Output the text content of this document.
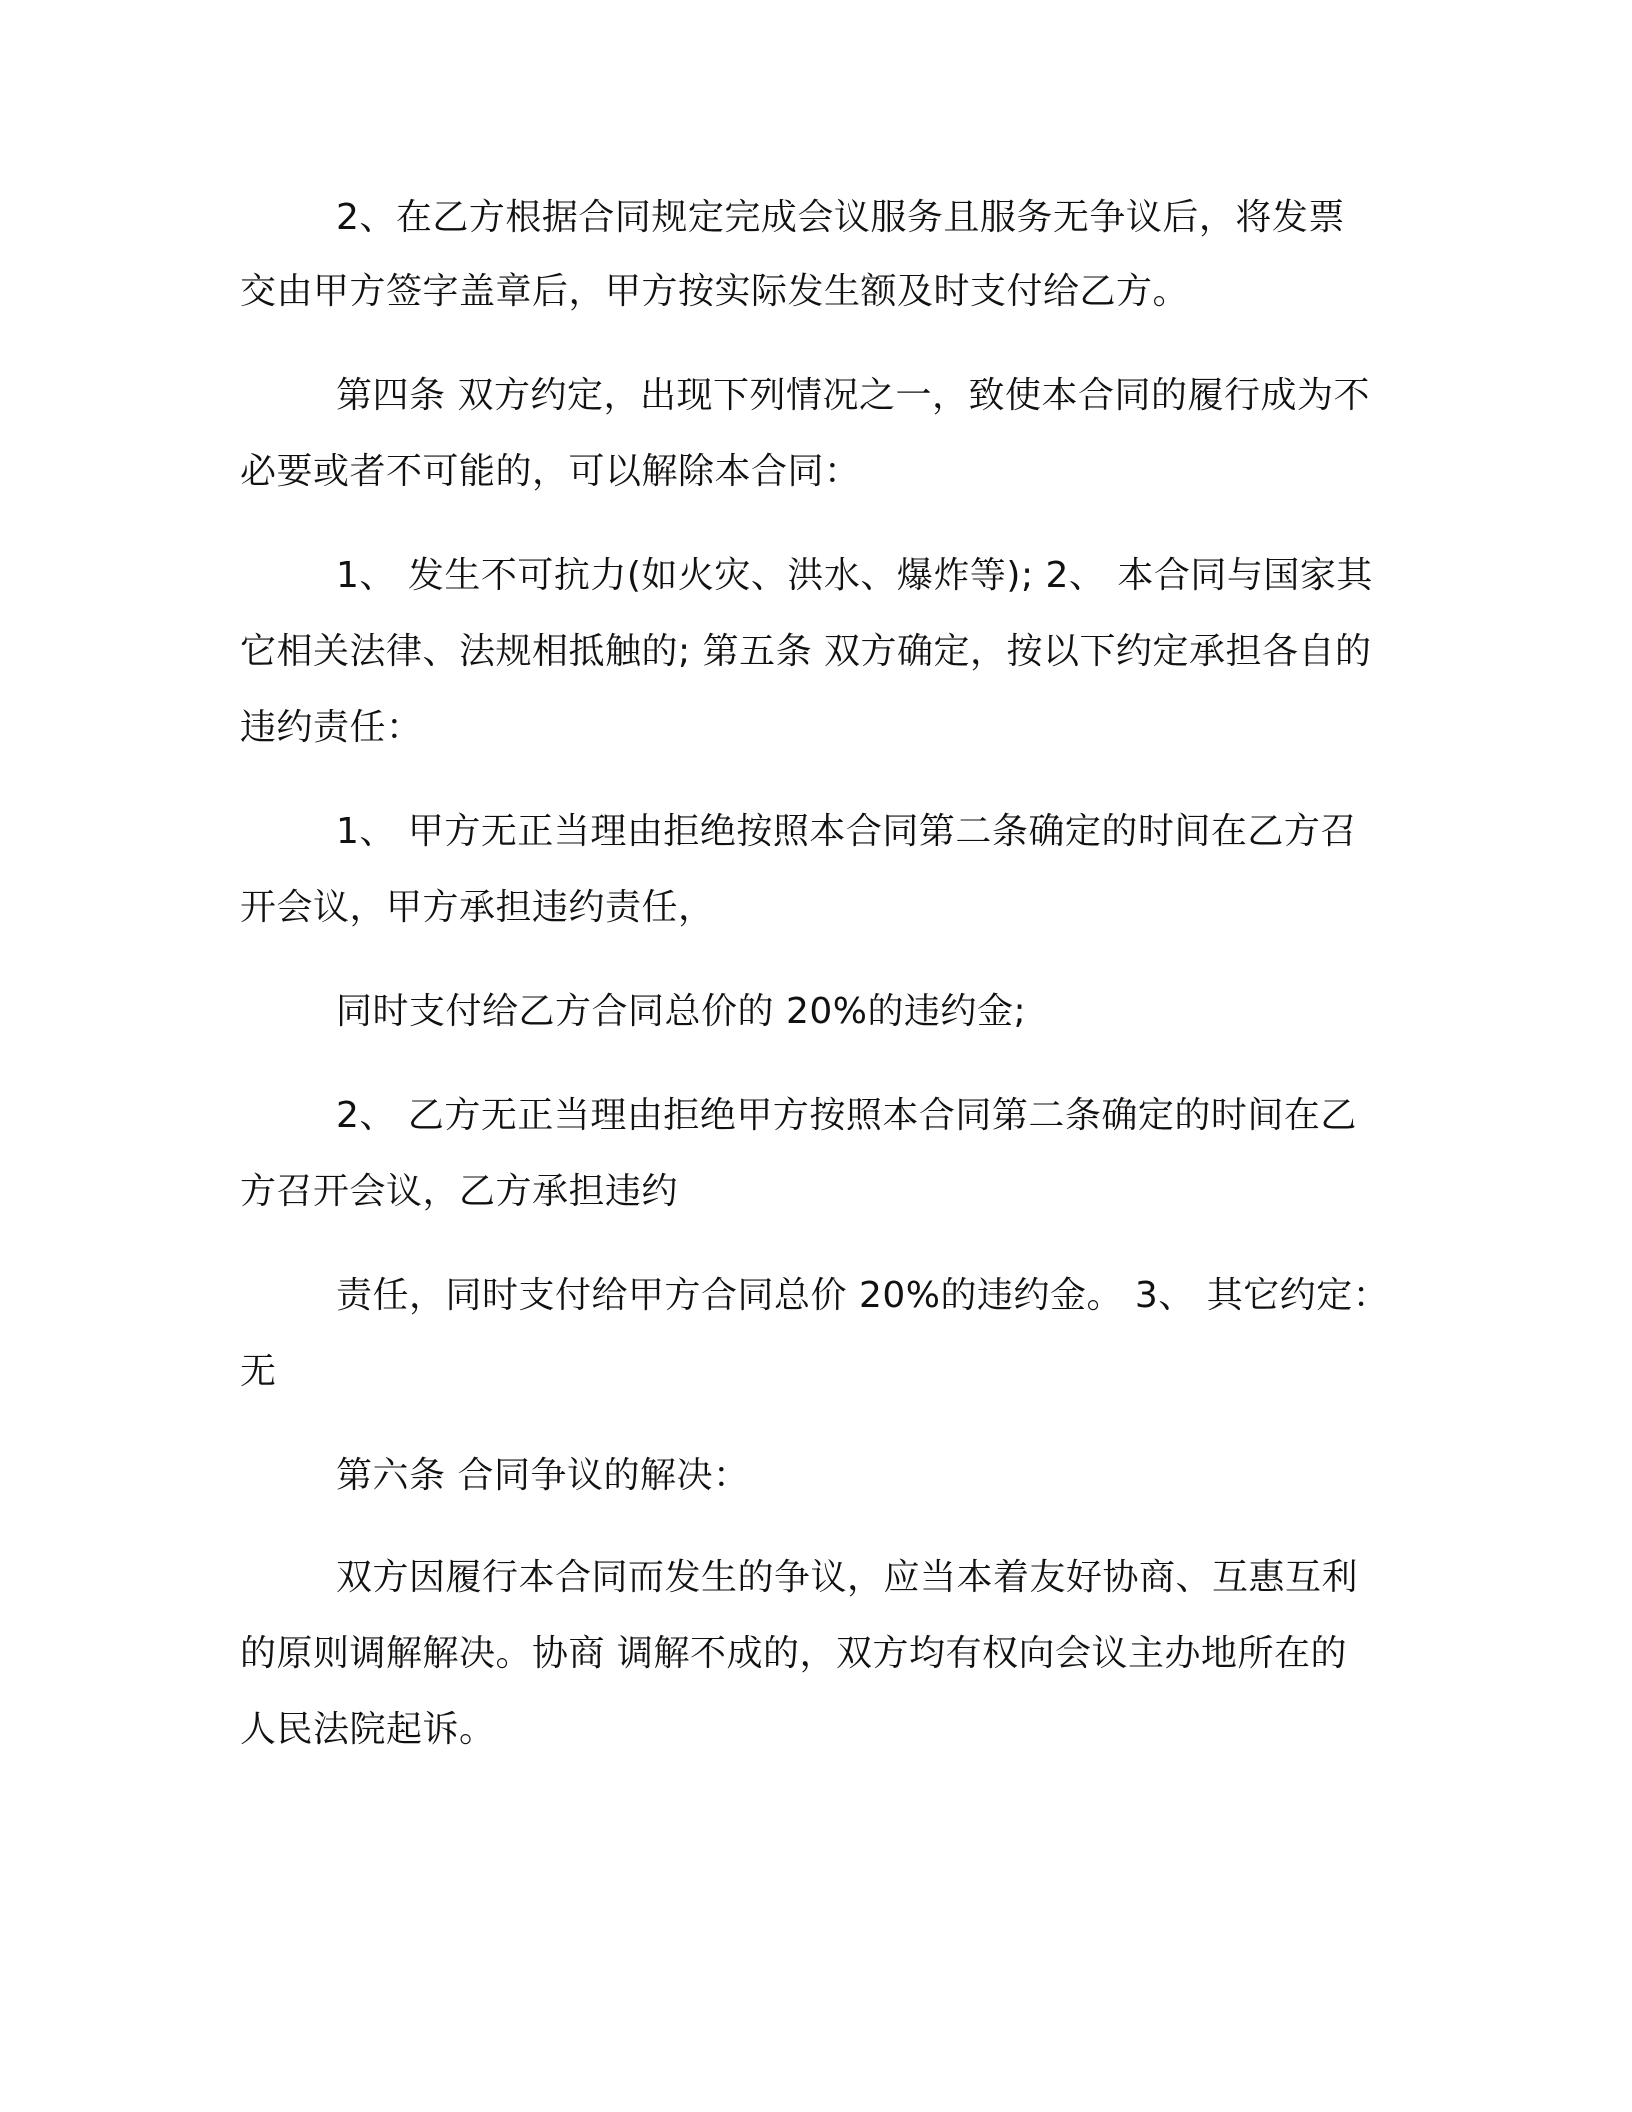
2、在乙方根据合同规定完成会议服务且服务无争议后，将发票
交由甲方签字盖章后，甲方按实际发生额及时支付给乙方。
第四条 双方约定，出现下列情况之一，致使本合同的履行成为不
必要或者不可能的，可以解除本合同：
1、 发生不可抗力(如火灾、洪水、爆炸等); 2、 本合同与国家其
它相关法律、法规相抵触的; 第五条 双方确定，按以下约定承担各自的
违约责任：
1、 甲方无正当理由拒绝按照本合同第二条确定的时间在乙方召
开会议，甲方承担违约责任，
同时支付给乙方合同总价的 20%的违约金;
2、 乙方无正当理由拒绝甲方按照本合同第二条确定的时间在乙
方召开会议，乙方承担违约
责任，同时支付给甲方合同总价 20%的违约金。 3、 其它约定：
无
第六条 合同争议的解决：
双方因履行本合同而发生的争议，应当本着友好协商、互惠互利
的原则调解解决。协商 调解不成的，双方均有权向会议主办地所在的
人民法院起诉。
